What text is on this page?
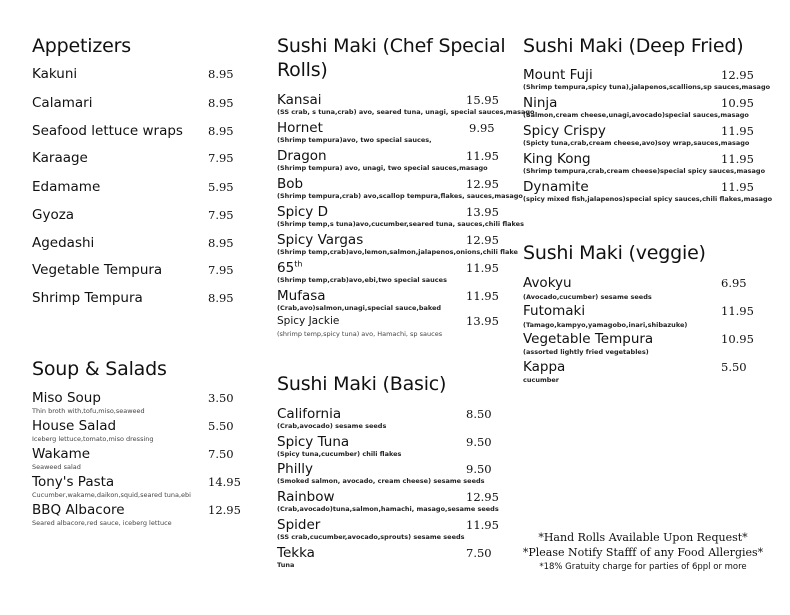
Appetizers
Kakuni	8.95
Calamari	8.95
Seafood lettuce wraps 8.95
Karaage	7.95
Edamame	5.95
Gyoza	7.95
Agedashi	8.95
Vegetable Tempura	7.95
Shrimp Tempura	8.95
Soup & Salads
Miso Soup	3.50
Thin broth with,tofu,miso,seaweed
House Salad	5.50
Iceberg lettuce,tomato,miso dressing
Wakame	7.50
Seaweed salad
Tony's Pasta	14.95
Cucumber,wakame,daikon,squid,seared tuna,ebi
BBQ Albacore	12.95
Seared albacore,red sauce, iceberg lettuce
Sushi Maki (Chef Special
Rolls)
Kansai	15.95
(SS crab, s tuna,crab) avo, seared tuna, unagi, special sauces,masago
Hornet	9.95
(Shrimp tempura)avo, two special sauces,
Dragon	11.95
(Shrimp tempura) avo, unagi, two special sauces,masago
Bob	12.95
(Shrimp tempura,crab) avo,scallop tempura,flakes, sauces,masago
Spicy D	13.95
(Shrimp temp,s tuna)avo,cucumber,seared tuna, sauces,chili flakes
Spicy Vargas	12.95
(Shrimp temp,crab)avo,lemon,salmon,jalapenos,onions,chili flake
65th	11.95
(Shrimp temp,crab)avo,ebi,two special sauces
Mufasa	11.95
(Crab,avo)salmon,unagi,special sauce,baked
Spicy Jackie	13.95
(shrimp temp,spicy tuna) avo, Hamachi, sp sauces
Sushi Maki (Basic)
California	8.50
(Crab,avocado) sesame seeds
Spicy Tuna	9.50
(Spicy tuna,cucumber) chili flakes
Philly	9.50
(Smoked salmon, avocado, cream cheese) sesame seeds
Rainbow	12.95
(Crab,avocado)tuna,salmon,hamachi, masago,sesame seeds
Spider	11.95
(SS crab,cucumber,avocado,sprouts) sesame seeds
Tekka	7.50
Tuna
Sushi Maki (Deep Fried)
Mount Fuji	12.95
(Shrimp tempura,spicy tuna),jalapenos,scallions,sp sauces,masago
Ninja	10.95
(Salmon,cream cheese,unagi,avocado)special sauces,masago
Spicy Crispy	11.95
(Spicty tuna,crab,cream cheese,avo)soy wrap,sauces,masago
King Kong	11.95
(Shrimp tempura,crab,cream cheese)special spicy sauces,masago
Dynamite	11.95
(spicy mixed fish,jalapenos)special spicy sauces,chili flakes,masago
Sushi Maki (veggie)
Avokyu	6.95
(Avocado,cucumber) sesame seeds
Futomaki	11.95
(Tamago,kampyo,yamagobo,inari,shibazuke)
Vegetable Tempura	10.95
(assorted lightly fried vegetables)
Kappa	5.50
cucumber
*Hand Rolls Available Upon Request*
*Please Notify Stafff of any Food Allergies*
*18% Gratuity charge for parties of 6ppl or more
